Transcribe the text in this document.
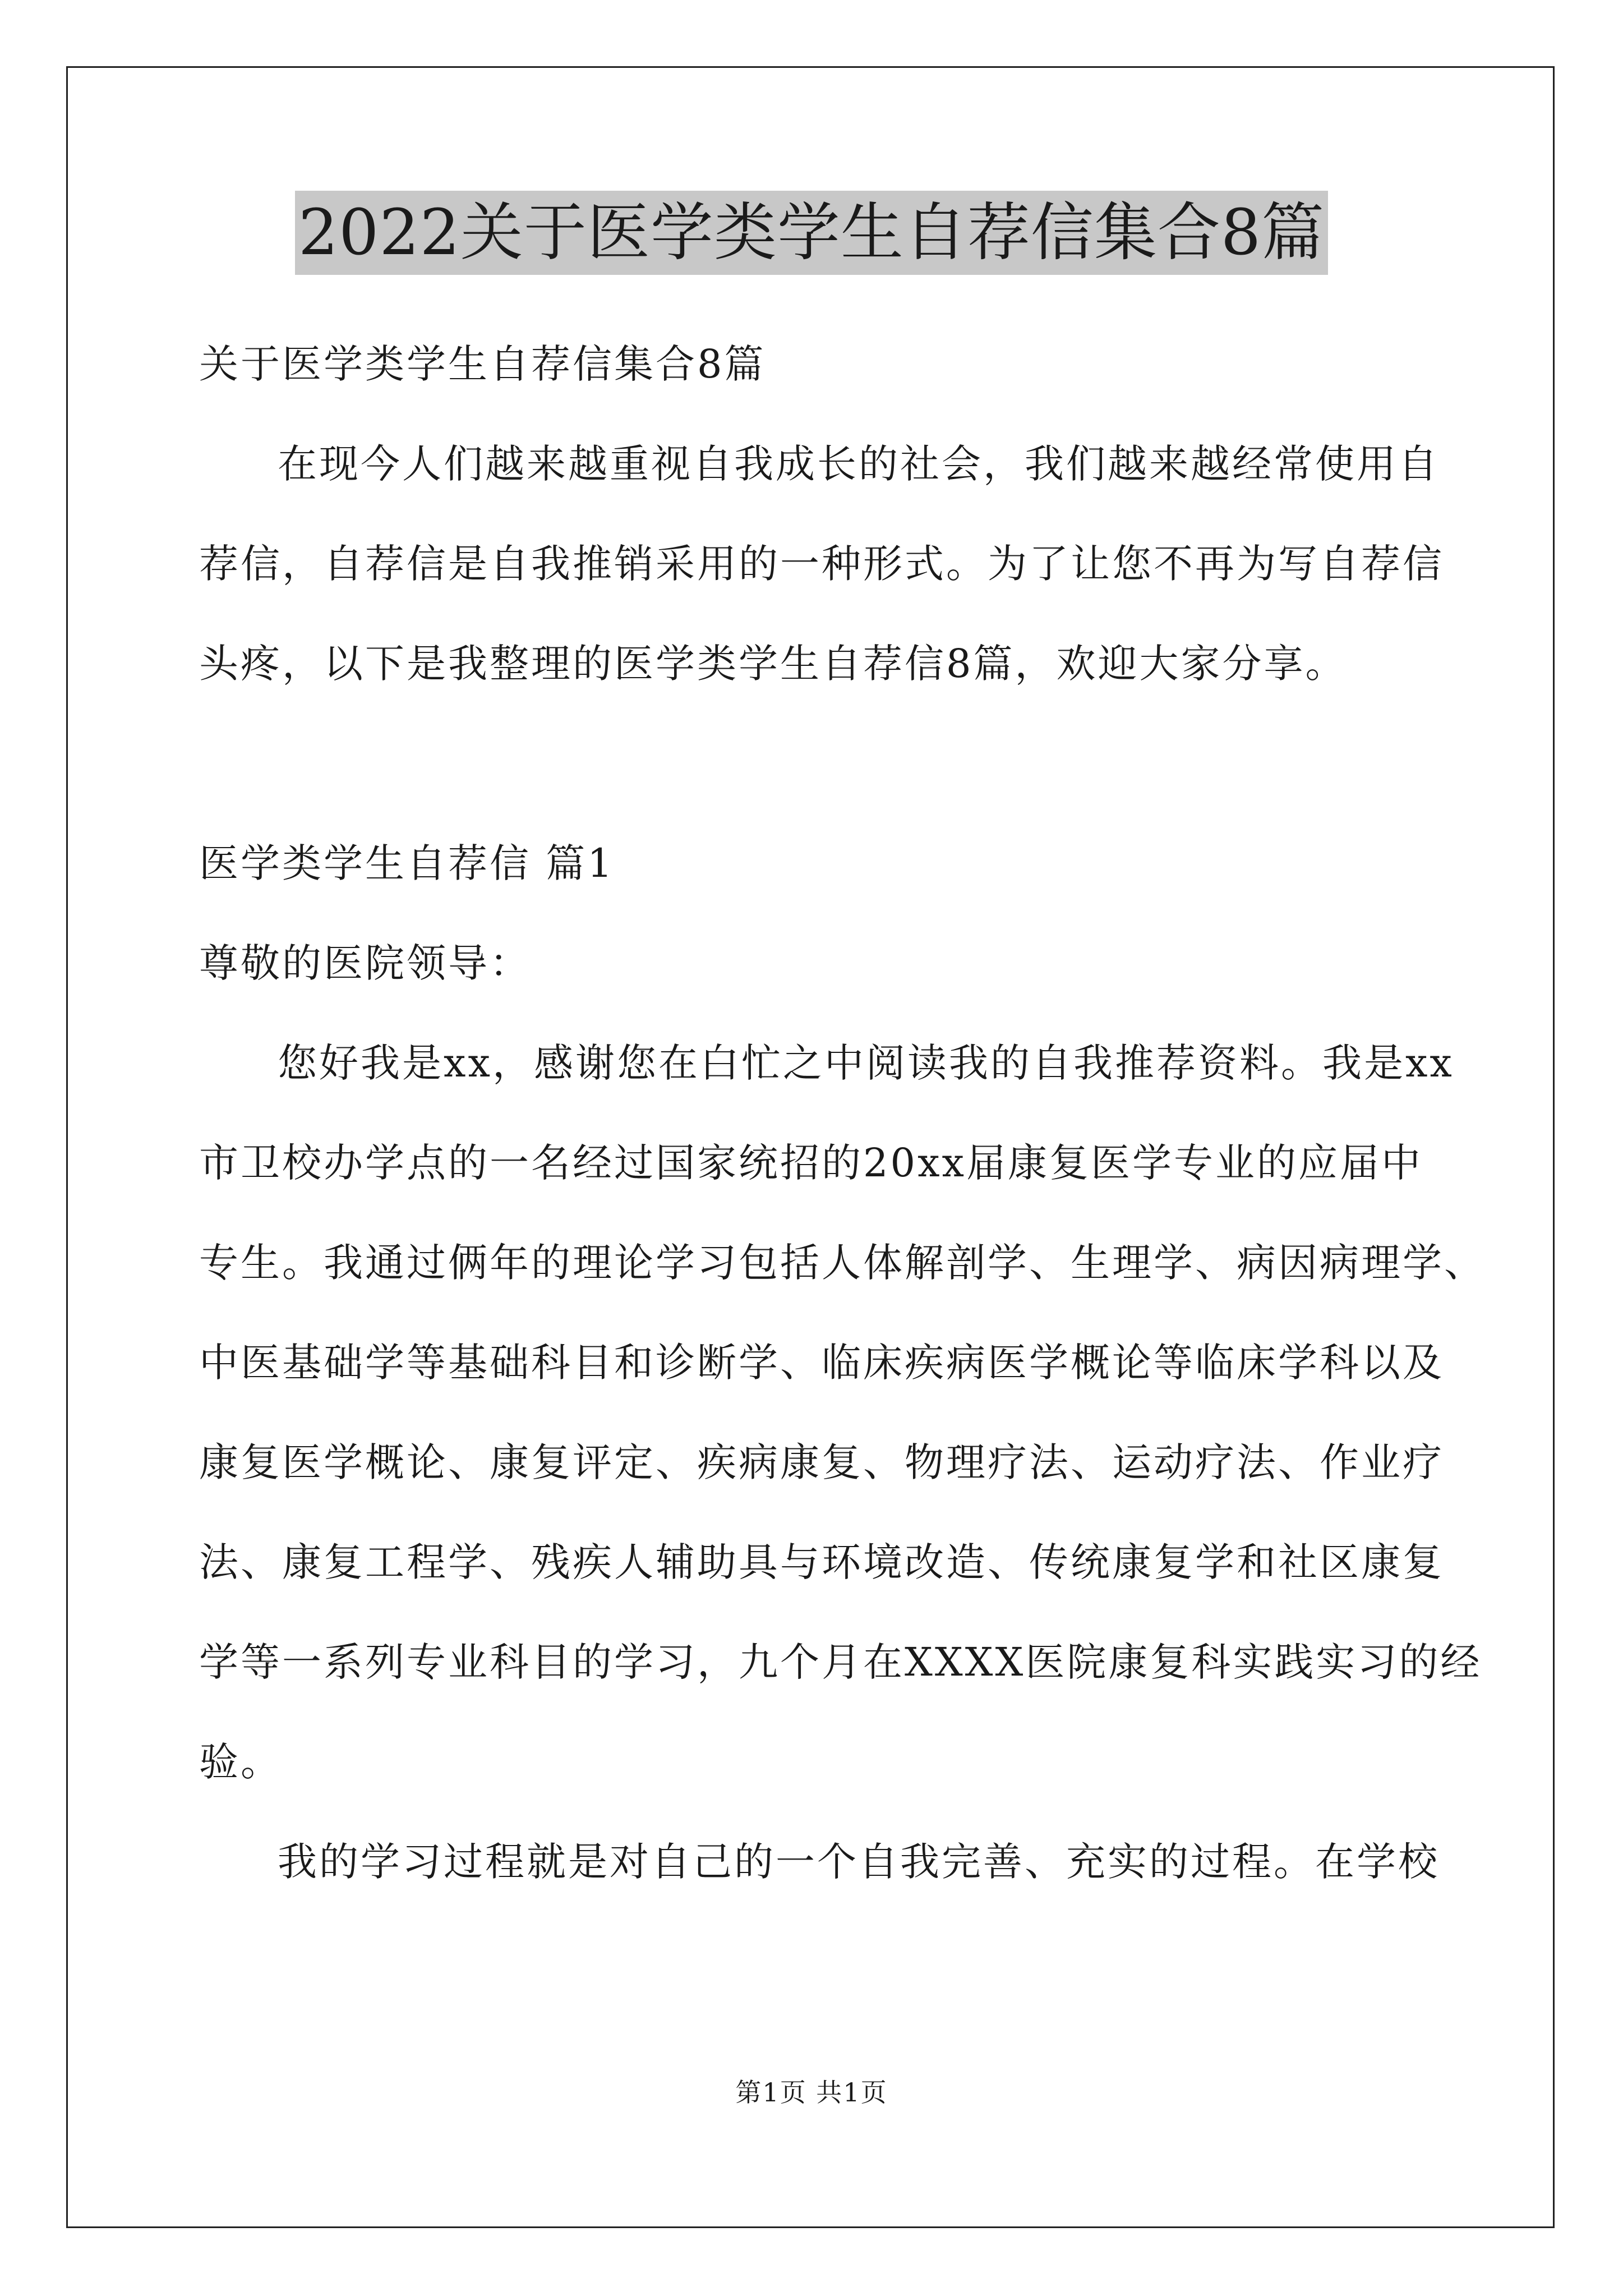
2022关于医学类学生自荐信集合8篇
关于医学类学生自荐信集合8篇
在现今人们越来越重视自我成长的社会，我们越来越经常使用自
荐信，自荐信是自我推销采用的一种形式。为了让您不再为写自荐信
头疼，以下是我整理的医学类学生自荐信8篇，欢迎大家分享。
医学类学生自荐信 篇1
尊敬的医院领导：
您好我是xx，感谢您在白忙之中阅读我的自我推荐资料。我是xx
市卫校办学点的一名经过国家统招的20xx届康复医学专业的应届中
专生。我通过俩年的理论学习包括人体解剖学、生理学、病因病理学、
中医基础学等基础科目和诊断学、临床疾病医学概论等临床学科以及
康复医学概论、康复评定、疾病康复、物理疗法、运动疗法、作业疗
法、康复工程学、残疾人辅助具与环境改造、传统康复学和社区康复
学等一系列专业科目的学习，九个月在XXXX医院康复科实践实习的经
验。
我的学习过程就是对自己的一个自我完善、充实的过程。在学校
第1页 共1页
